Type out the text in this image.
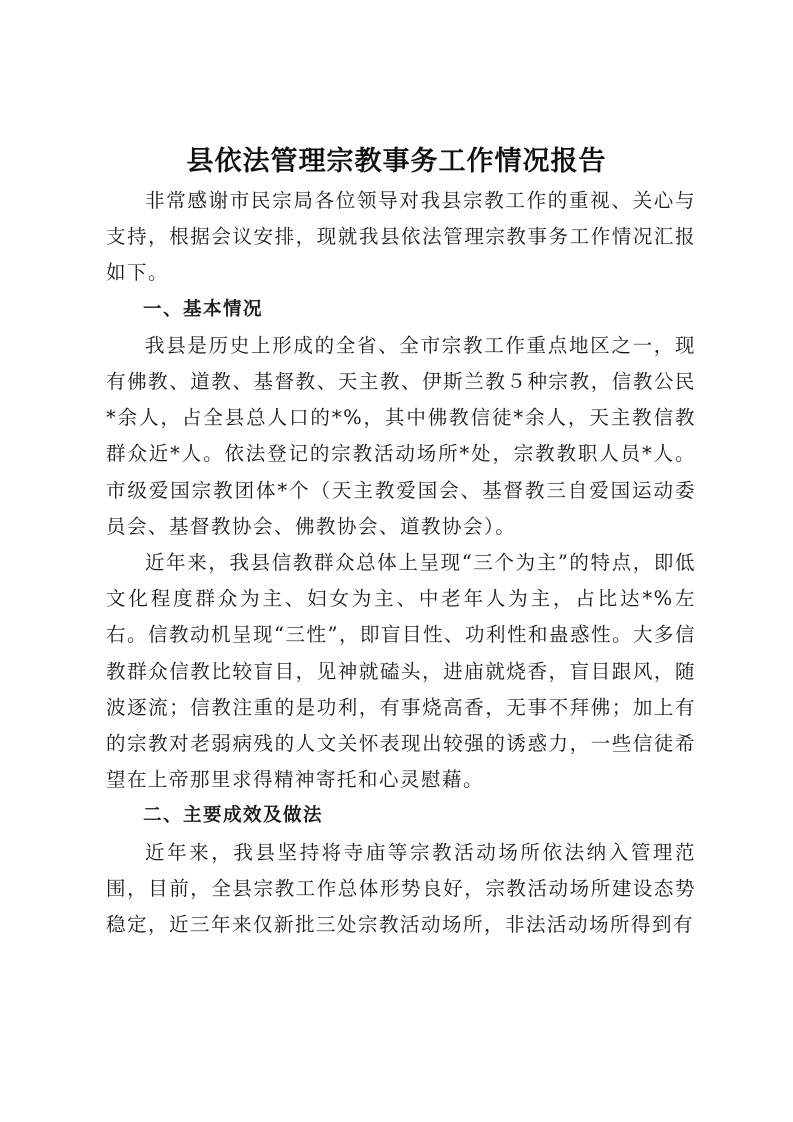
县依法管理宗教事务工作情况报告

非常感谢市民宗局各位领导对我县宗教工作的重视、关心与支持，根据会议安排，现就我县依法管理宗教事务工作情况汇报如下。

一、基本情况

我县是历史上形成的全省、全市宗教工作重点地区之一，现有佛教、道教、基督教、天主教、伊斯兰教５种宗教，信教公民*余人，占全县总人口的*%，其中佛教信徒*余人，天主教信教群众近*人。依法登记的宗教活动场所*处，宗教教职人员*人。市级爱国宗教团体*个（天主教爱国会、基督教三自爱国运动委员会、基督教协会、佛教协会、道教协会）。

近年来，我县信教群众总体上呈现“三个为主”的特点，即低文化程度群众为主、妇女为主、中老年人为主，占比达*%左右。信教动机呈现“三性”，即盲目性、功利性和蛊惑性。大多信教群众信教比较盲目，见神就磕头，进庙就烧香，盲目跟风，随波逐流；信教注重的是功利，有事烧高香，无事不拜佛；加上有的宗教对老弱病残的人文关怀表现出较强的诱惑力，一些信徒希望在上帝那里求得精神寄托和心灵慰藉。

二、主要成效及做法

近年来，我县坚持将寺庙等宗教活动场所依法纳入管理范围，目前，全县宗教工作总体形势良好，宗教活动场所建设态势稳定，近三年来仅新批三处宗教活动场所，非法活动场所得到有
